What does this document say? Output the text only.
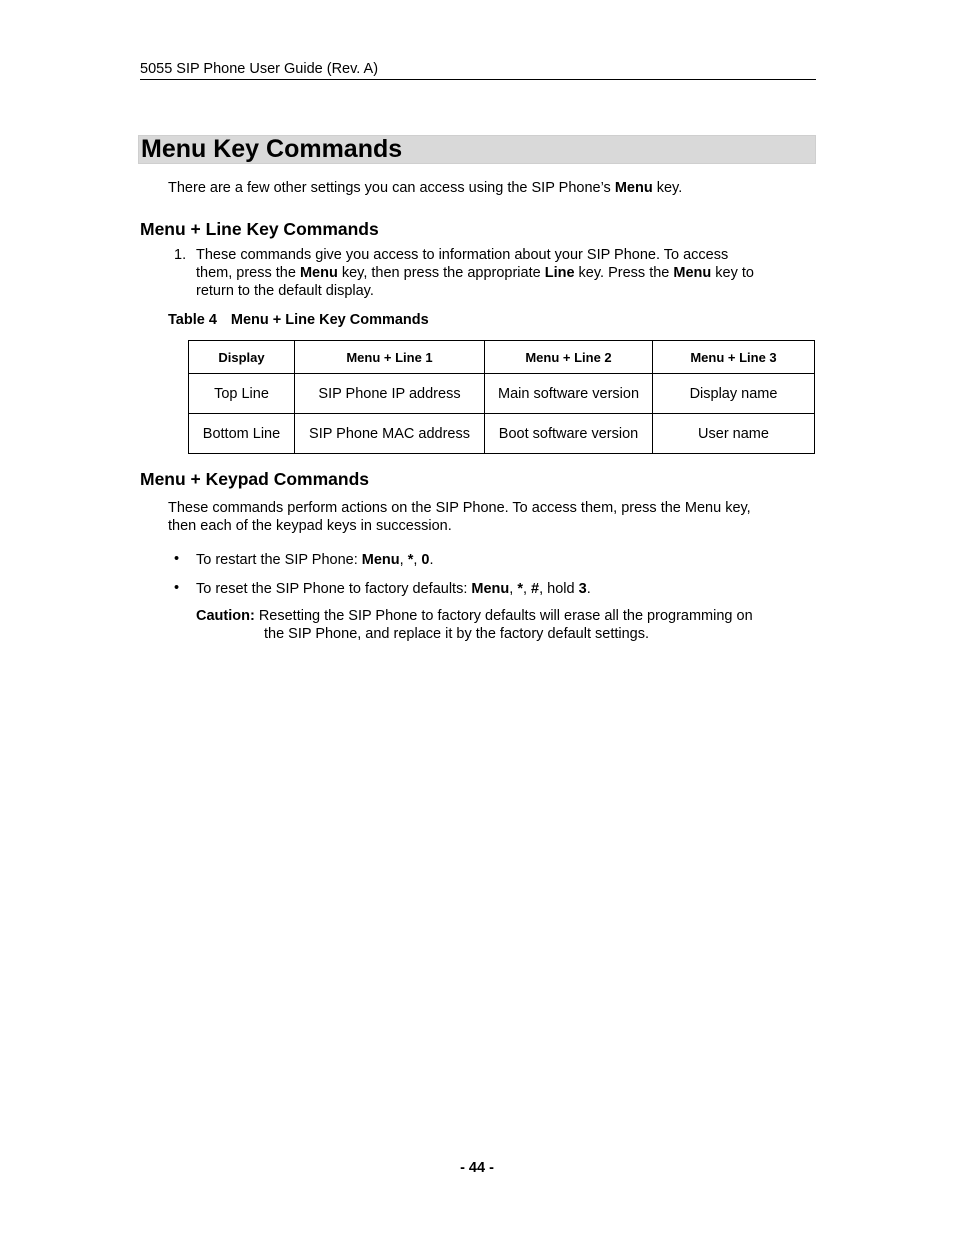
5055 SIP Phone User Guide (Rev. A)
Menu Key Commands
There are a few other settings you can access using the SIP Phone’s Menu key.
Menu + Line Key Commands
1. These commands give you access to information about your SIP Phone. To access
them, press the Menu key, then press the appropriate Line key. Press the Menu key to
return to the default display.
Table 4 Menu + Line Key Commands
Display	Menu + Line 1	Menu + Line 2	Menu + Line 3
Top Line	SIP Phone IP address	Main software version	Display name
Bottom Line	SIP Phone MAC address	Boot software version	User name
Menu + Keypad Commands
These commands perform actions on the SIP Phone. To access them, press the Menu key,
then each of the keypad keys in succession.
• To restart the SIP Phone: Menu, *, 0.
• To reset the SIP Phone to factory defaults: Menu, *, #, hold 3.
Caution: Resetting the SIP Phone to factory defaults will erase all the programming on
the SIP Phone, and replace it by the factory default settings.
- 44 -
